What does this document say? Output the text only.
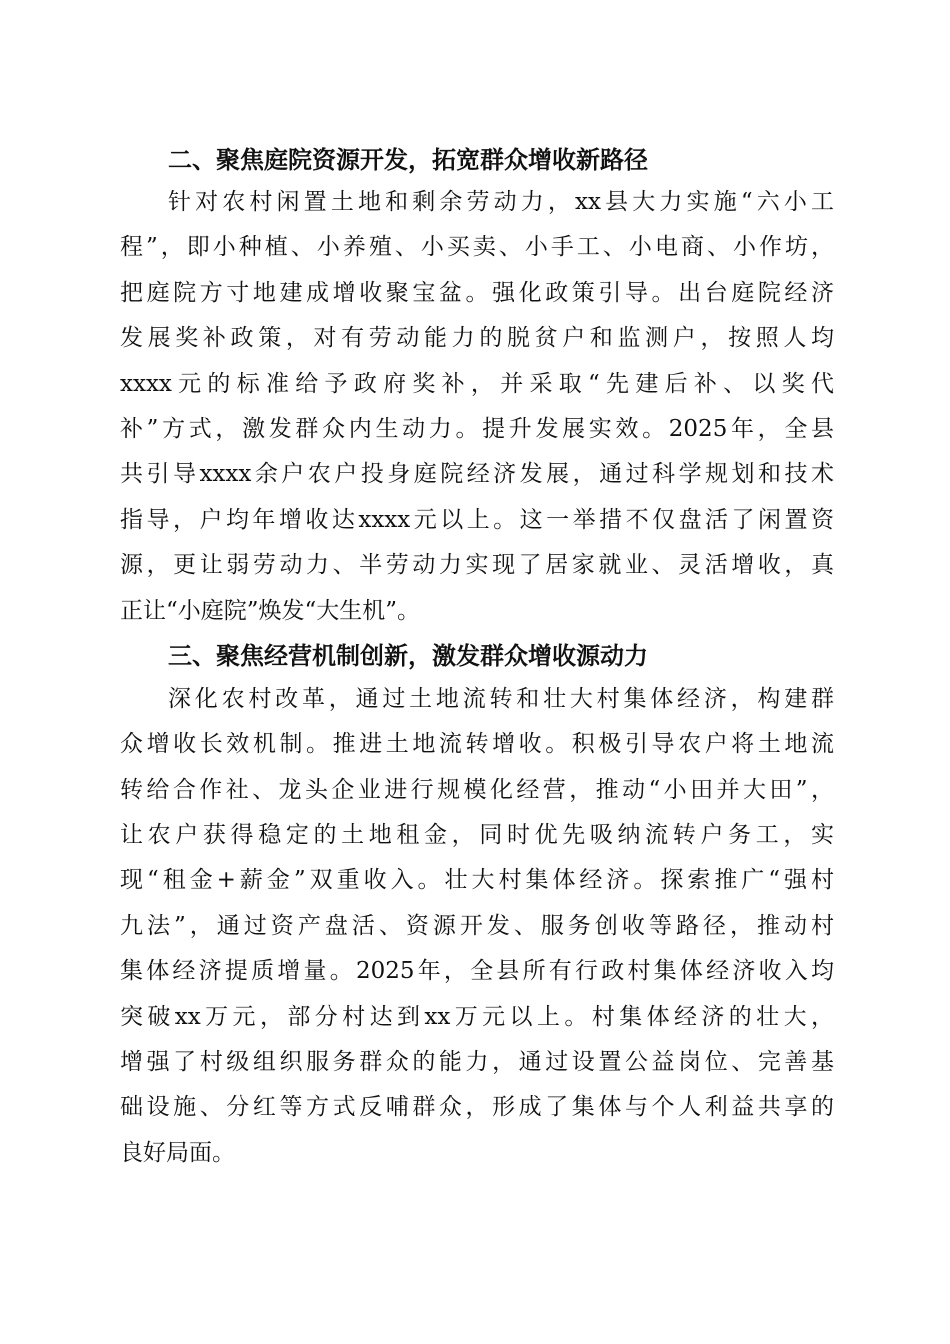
二、聚焦庭院资源开发，拓宽群众增收新路径

针对农村闲置土地和剩余劳动力，xx县大力实施“六小工
程”，即小种植、小养殖、小买卖、小手工、小电商、小作坊，
把庭院方寸地建成增收聚宝盆。强化政策引导。出台庭院经济
发展奖补政策，对有劳动能力的脱贫户和监测户，按照人均
xxxx元的标准给予政府奖补，并采取“先建后补、以奖代
补”方式，激发群众内生动力。提升发展实效。2025年，全县
共引导xxxx余户农户投身庭院经济发展，通过科学规划和技术
指导，户均年增收达xxxx元以上。这一举措不仅盘活了闲置资
源，更让弱劳动力、半劳动力实现了居家就业、灵活增收，真
正让“小庭院”焕发“大生机”。

三、聚焦经营机制创新，激发群众增收源动力

深化农村改革，通过土地流转和壮大村集体经济，构建群
众增收长效机制。推进土地流转增收。积极引导农户将土地流
转给合作社、龙头企业进行规模化经营，推动“小田并大田”，
让农户获得稳定的土地租金，同时优先吸纳流转户务工，实
现“租金+薪金”双重收入。壮大村集体经济。探索推广“强村
九法”，通过资产盘活、资源开发、服务创收等路径，推动村
集体经济提质增量。2025年，全县所有行政村集体经济收入均
突破xx万元，部分村达到xx万元以上。村集体经济的壮大，
增强了村级组织服务群众的能力，通过设置公益岗位、完善基
础设施、分红等方式反哺群众，形成了集体与个人利益共享的
良好局面。
